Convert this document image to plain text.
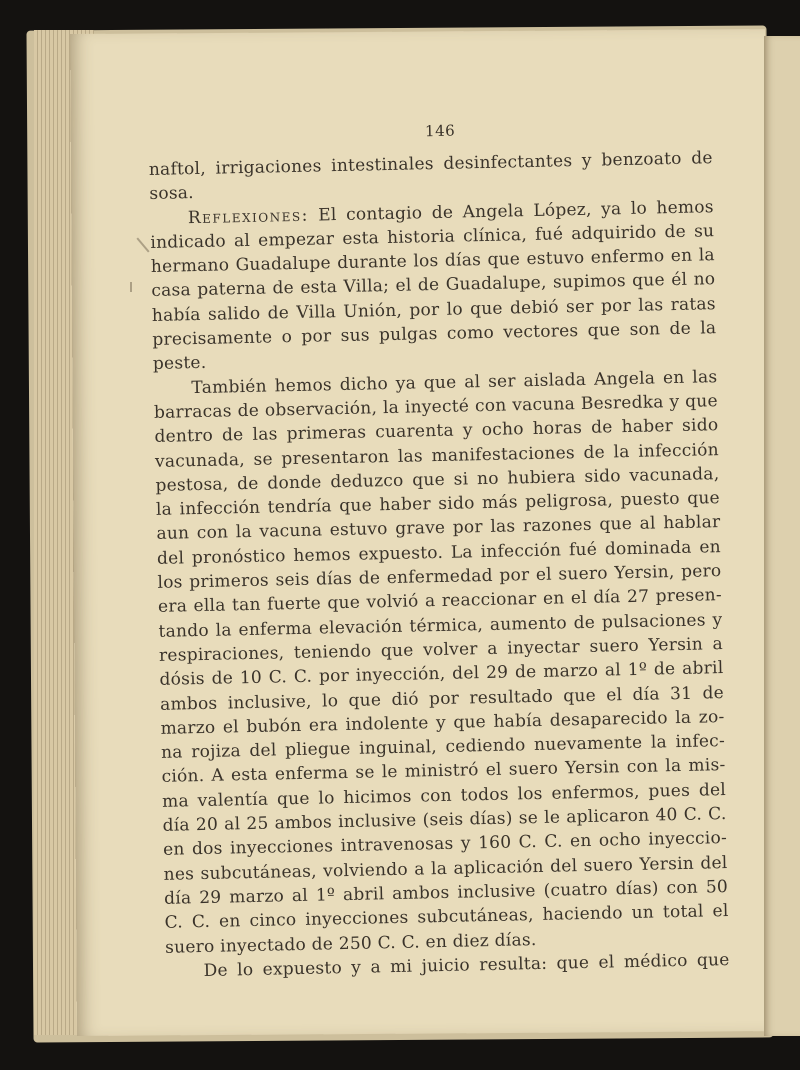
146
naftol, irrigaciones intestinales desinfectantes y benzoato de
sosa.
Reflexiones: El contagio de Angela López, ya lo hemos
indicado al empezar esta historia clínica, fué adquirido de su
hermano Guadalupe durante los días que estuvo enfermo en la
casa paterna de esta Villa; el de Guadalupe, supimos que él no
había salido de Villa Unión, por lo que debió ser por las ratas
precisamente o por sus pulgas como vectores que son de la
peste.
También hemos dicho ya que al ser aislada Angela en las
barracas de observación, la inyecté con vacuna Besredka y que
dentro de las primeras cuarenta y ocho horas de haber sido
vacunada, se presentaron las manifestaciones de la infección
pestosa, de donde deduzco que si no hubiera sido vacunada,
la infección tendría que haber sido más peligrosa, puesto que
aun con la vacuna estuvo grave por las razones que al hablar
del pronóstico hemos expuesto. La infección fué dominada en
los primeros seis días de enfermedad por el suero Yersin, pero
era ella tan fuerte que volvió a reaccionar en el día 27 presen-
tando la enferma elevación térmica, aumento de pulsaciones y
respiraciones, teniendo que volver a inyectar suero Yersin a
dósis de 10 C. C. por inyección, del 29 de marzo al 1º de abril
ambos inclusive, lo que dió por resultado que el día 31 de
marzo el bubón era indolente y que había desaparecido la zo-
na rojiza del pliegue inguinal, cediendo nuevamente la infec-
ción. A esta enferma se le ministró el suero Yersin con la mis-
ma valentía que lo hicimos con todos los enfermos, pues del
día 20 al 25 ambos inclusive (seis días) se le aplicaron 40 C. C.
en dos inyecciones intravenosas y 160 C. C. en ocho inyeccio-
nes subcutáneas, volviendo a la aplicación del suero Yersin del
día 29 marzo al 1º abril ambos inclusive (cuatro días) con 50
C. C. en cinco inyecciones subcutáneas, haciendo un total el
suero inyectado de 250 C. C. en diez días.
De lo expuesto y a mi juicio resulta: que el médico que
